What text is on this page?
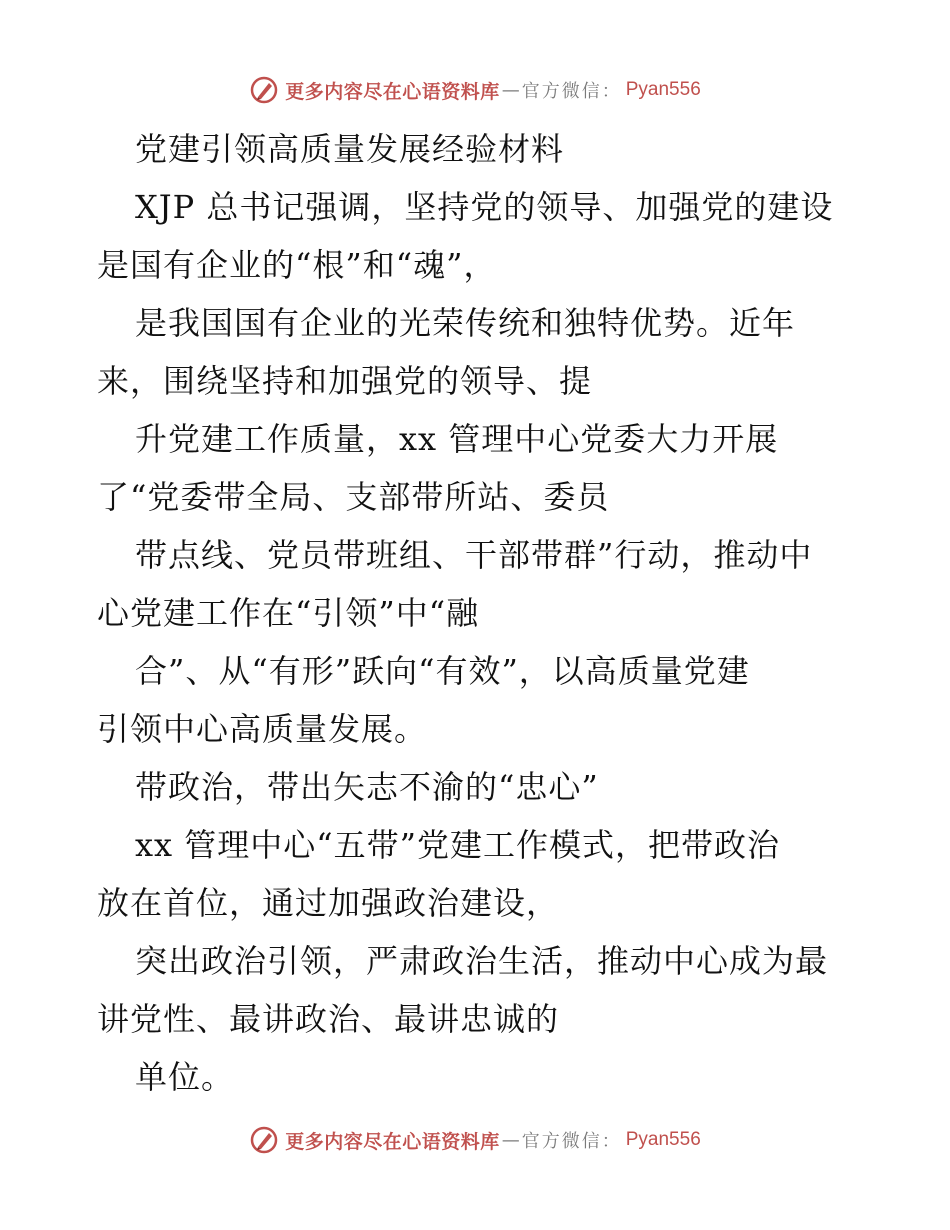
更多内容尽在心语资料库 — 官方微信： Pyan556
党建引领高质量发展经验材料
XJP 总书记强调，坚持党的领导、加强党的建设
是国有企业的“根”和“魂”，
是我国国有企业的光荣传统和独特优势。近年
来，围绕坚持和加强党的领导、提
升党建工作质量，xx 管理中心党委大力开展
了“党委带全局、支部带所站、委员
带点线、党员带班组、干部带群”行动，推动中
心党建工作在“引领”中“融
合”、从“有形”跃向“有效”，以高质量党建
引领中心高质量发展。
带政治，带出矢志不渝的“忠心”
xx 管理中心“五带”党建工作模式，把带政治
放在首位，通过加强政治建设，
突出政治引领，严肃政治生活，推动中心成为最
讲党性、最讲政治、最讲忠诚的
单位。
更多内容尽在心语资料库 — 官方微信： Pyan556
